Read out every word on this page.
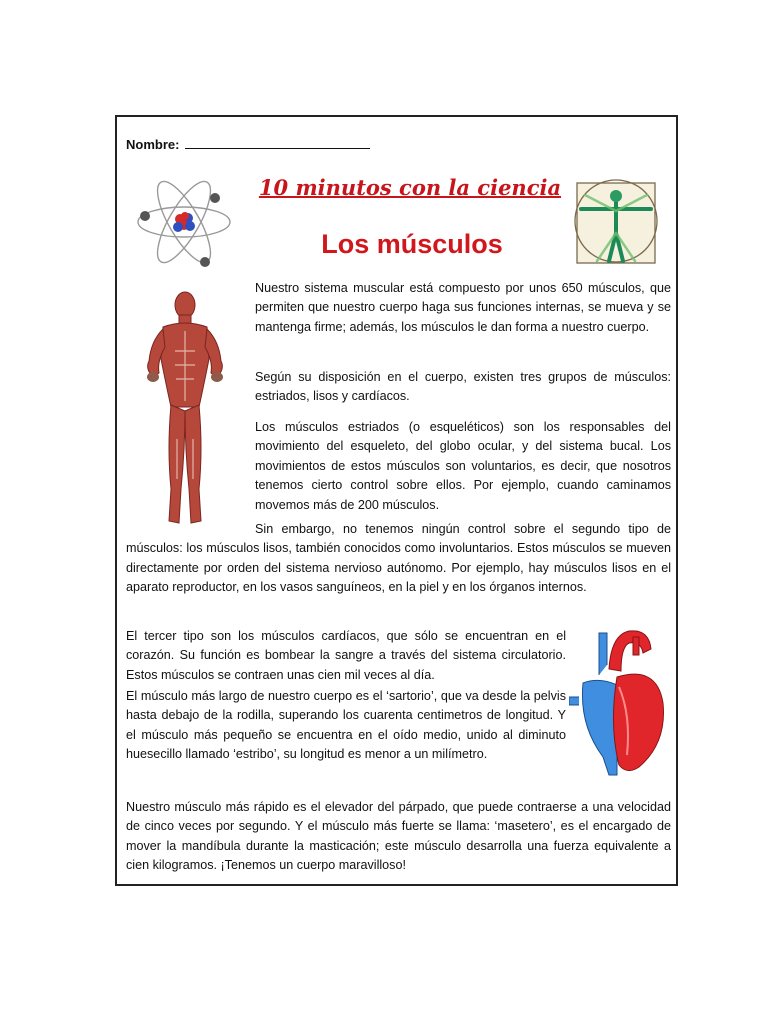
Nombre:
10 minutos con la ciencia
Los músculos
Nuestro sistema muscular está compuesto por unos 650 músculos, que permiten que nuestro cuerpo haga sus funciones internas, se mueva y se mantenga firme; además, los músculos le dan forma a nuestro cuerpo.
Según su disposición en el cuerpo, existen tres grupos de músculos: estriados, lisos y cardíacos.
Los músculos estriados (o esqueléticos) son los responsables del movimiento del esqueleto, del globo ocular, y del sistema bucal. Los movimientos de estos músculos son voluntarios, es decir, que nosotros tenemos cierto control sobre ellos. Por ejemplo, cuando caminamos movemos más de 200 músculos.
Sin embargo, no tenemos ningún control sobre el segundo tipo de músculos: los músculos lisos, también conocidos como involuntarios. Estos músculos se mueven directamente por orden del sistema nervioso autónomo. Por ejemplo, hay músculos lisos en el aparato reproductor, en los vasos sanguíneos, en la piel y en los órganos internos.
El tercer tipo son los músculos cardíacos, que sólo se encuentran en el corazón. Su función es bombear la sangre a través del sistema circulatorio. Estos músculos se contraen unas cien mil veces al día.
El músculo más largo de nuestro cuerpo es el ‘sartorio’, que va desde la pelvis hasta debajo de la rodilla, superando los cuarenta centimetros de longitud. Y el músculo más pequeño se encuentra en el oído medio, unido al diminuto huesecillo llamado ‘estribo’, su longitud es menor a un milímetro.
Nuestro músculo más rápido es el elevador del párpado, que puede contraerse a una velocidad de cinco veces por segundo. Y el músculo más fuerte se llama: ‘masetero’, es el encargado de mover la mandíbula durante la masticación; este músculo desarrolla una fuerza equivalente a cien kilogramos. ¡Tenemos un cuerpo maravilloso!
